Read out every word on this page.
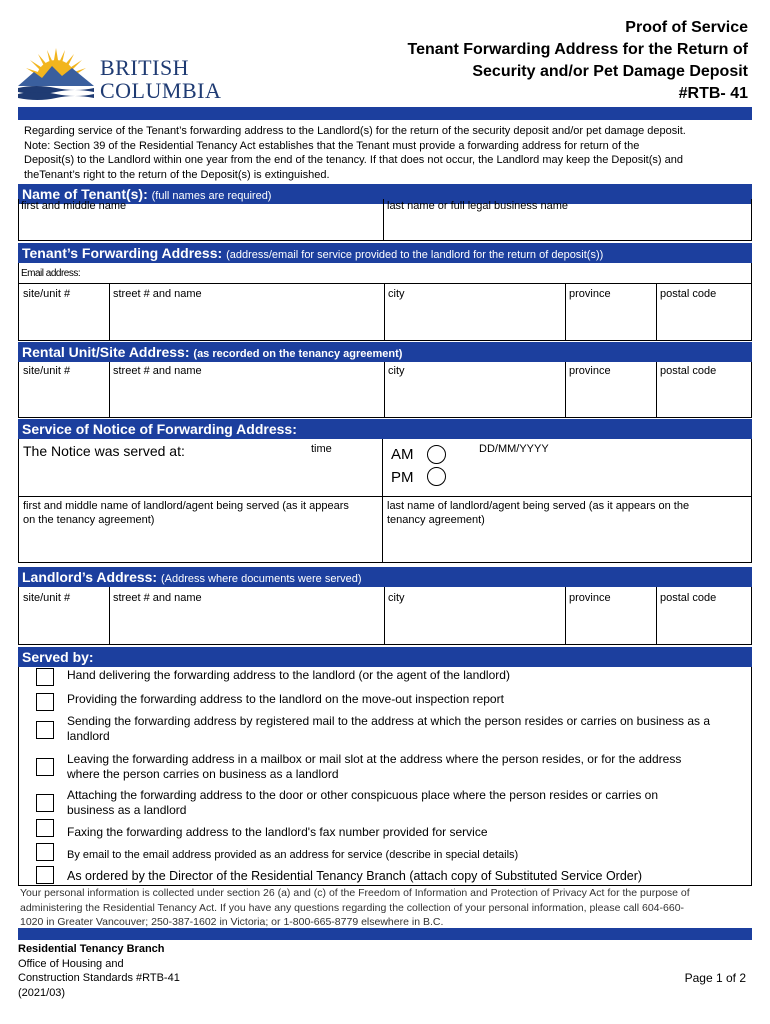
BRITISH
COLUMBIA
Proof of Service
Tenant Forwarding Address for the Return of
Security and/or Pet Damage Deposit
#RTB- 41
Regarding service of the Tenant’s forwarding address to the Landlord(s) for the return of the security deposit and/or pet damage deposit.
Note: Section 39 of the Residential Tenancy Act establishes that the Tenant must provide a forwarding address for return of the
Deposit(s) to the Landlord within one year from the end of the tenancy. If that does not occur, the Landlord may keep the Deposit(s) and
theTenant’s right to the return of the Deposit(s) is extinguished.
Name of Tenant(s): (full names are required)
first and middle name	last name or full legal business name
Tenant’s Forwarding Address: (address/email for service provided to the landlord for the return of deposit(s))
Email address:
site/unit #	street # and name	city	province	postal code
Rental Unit/Site Address: (as recorded on the tenancy agreement)
site/unit #	street # and name	city	province	postal code
Service of Notice of Forwarding Address:
The Notice was served at:	time	AM
PM
DD/MM/YYYY
first and middle name of landlord/agent being served (as it appears on the tenancy agreement)
last name of landlord/agent being served (as it appears on the tenancy agreement)
Landlord’s Address: (Address where documents were served)
site/unit #	street # and name	city	province	postal code
Served by:
Hand delivering the forwarding address to the landlord (or the agent of the landlord)
Providing the forwarding address to the landlord on the move-out inspection report
Sending the forwarding address by registered mail to the address at which the person resides or carries on business as a landlord
Leaving the forwarding address in a mailbox or mail slot at the address where the person resides, or for the address where the person carries on business as a landlord
Attaching the forwarding address to the door or other conspicuous place where the person resides or carries on business as a landlord
Faxing the forwarding address to the landlord's fax number provided for service
By email to the email address provided as an address for service (describe in special details)
As ordered by the Director of the Residential Tenancy Branch (attach copy of Substituted Service Order)
Your personal information is collected under section 26 (a) and (c) of the Freedom of Information and Protection of Privacy Act for the purpose of
administering the Residential Tenancy Act. If you have any questions regarding the collection of your personal information, please call 604-660-
1020 in Greater Vancouver; 250-387-1602 in Victoria; or 1-800-665-8779 elsewhere in B.C.
Residential Tenancy Branch
Office of Housing and
Construction Standards #RTB-41
(2021/03)
Page 1 of 2
